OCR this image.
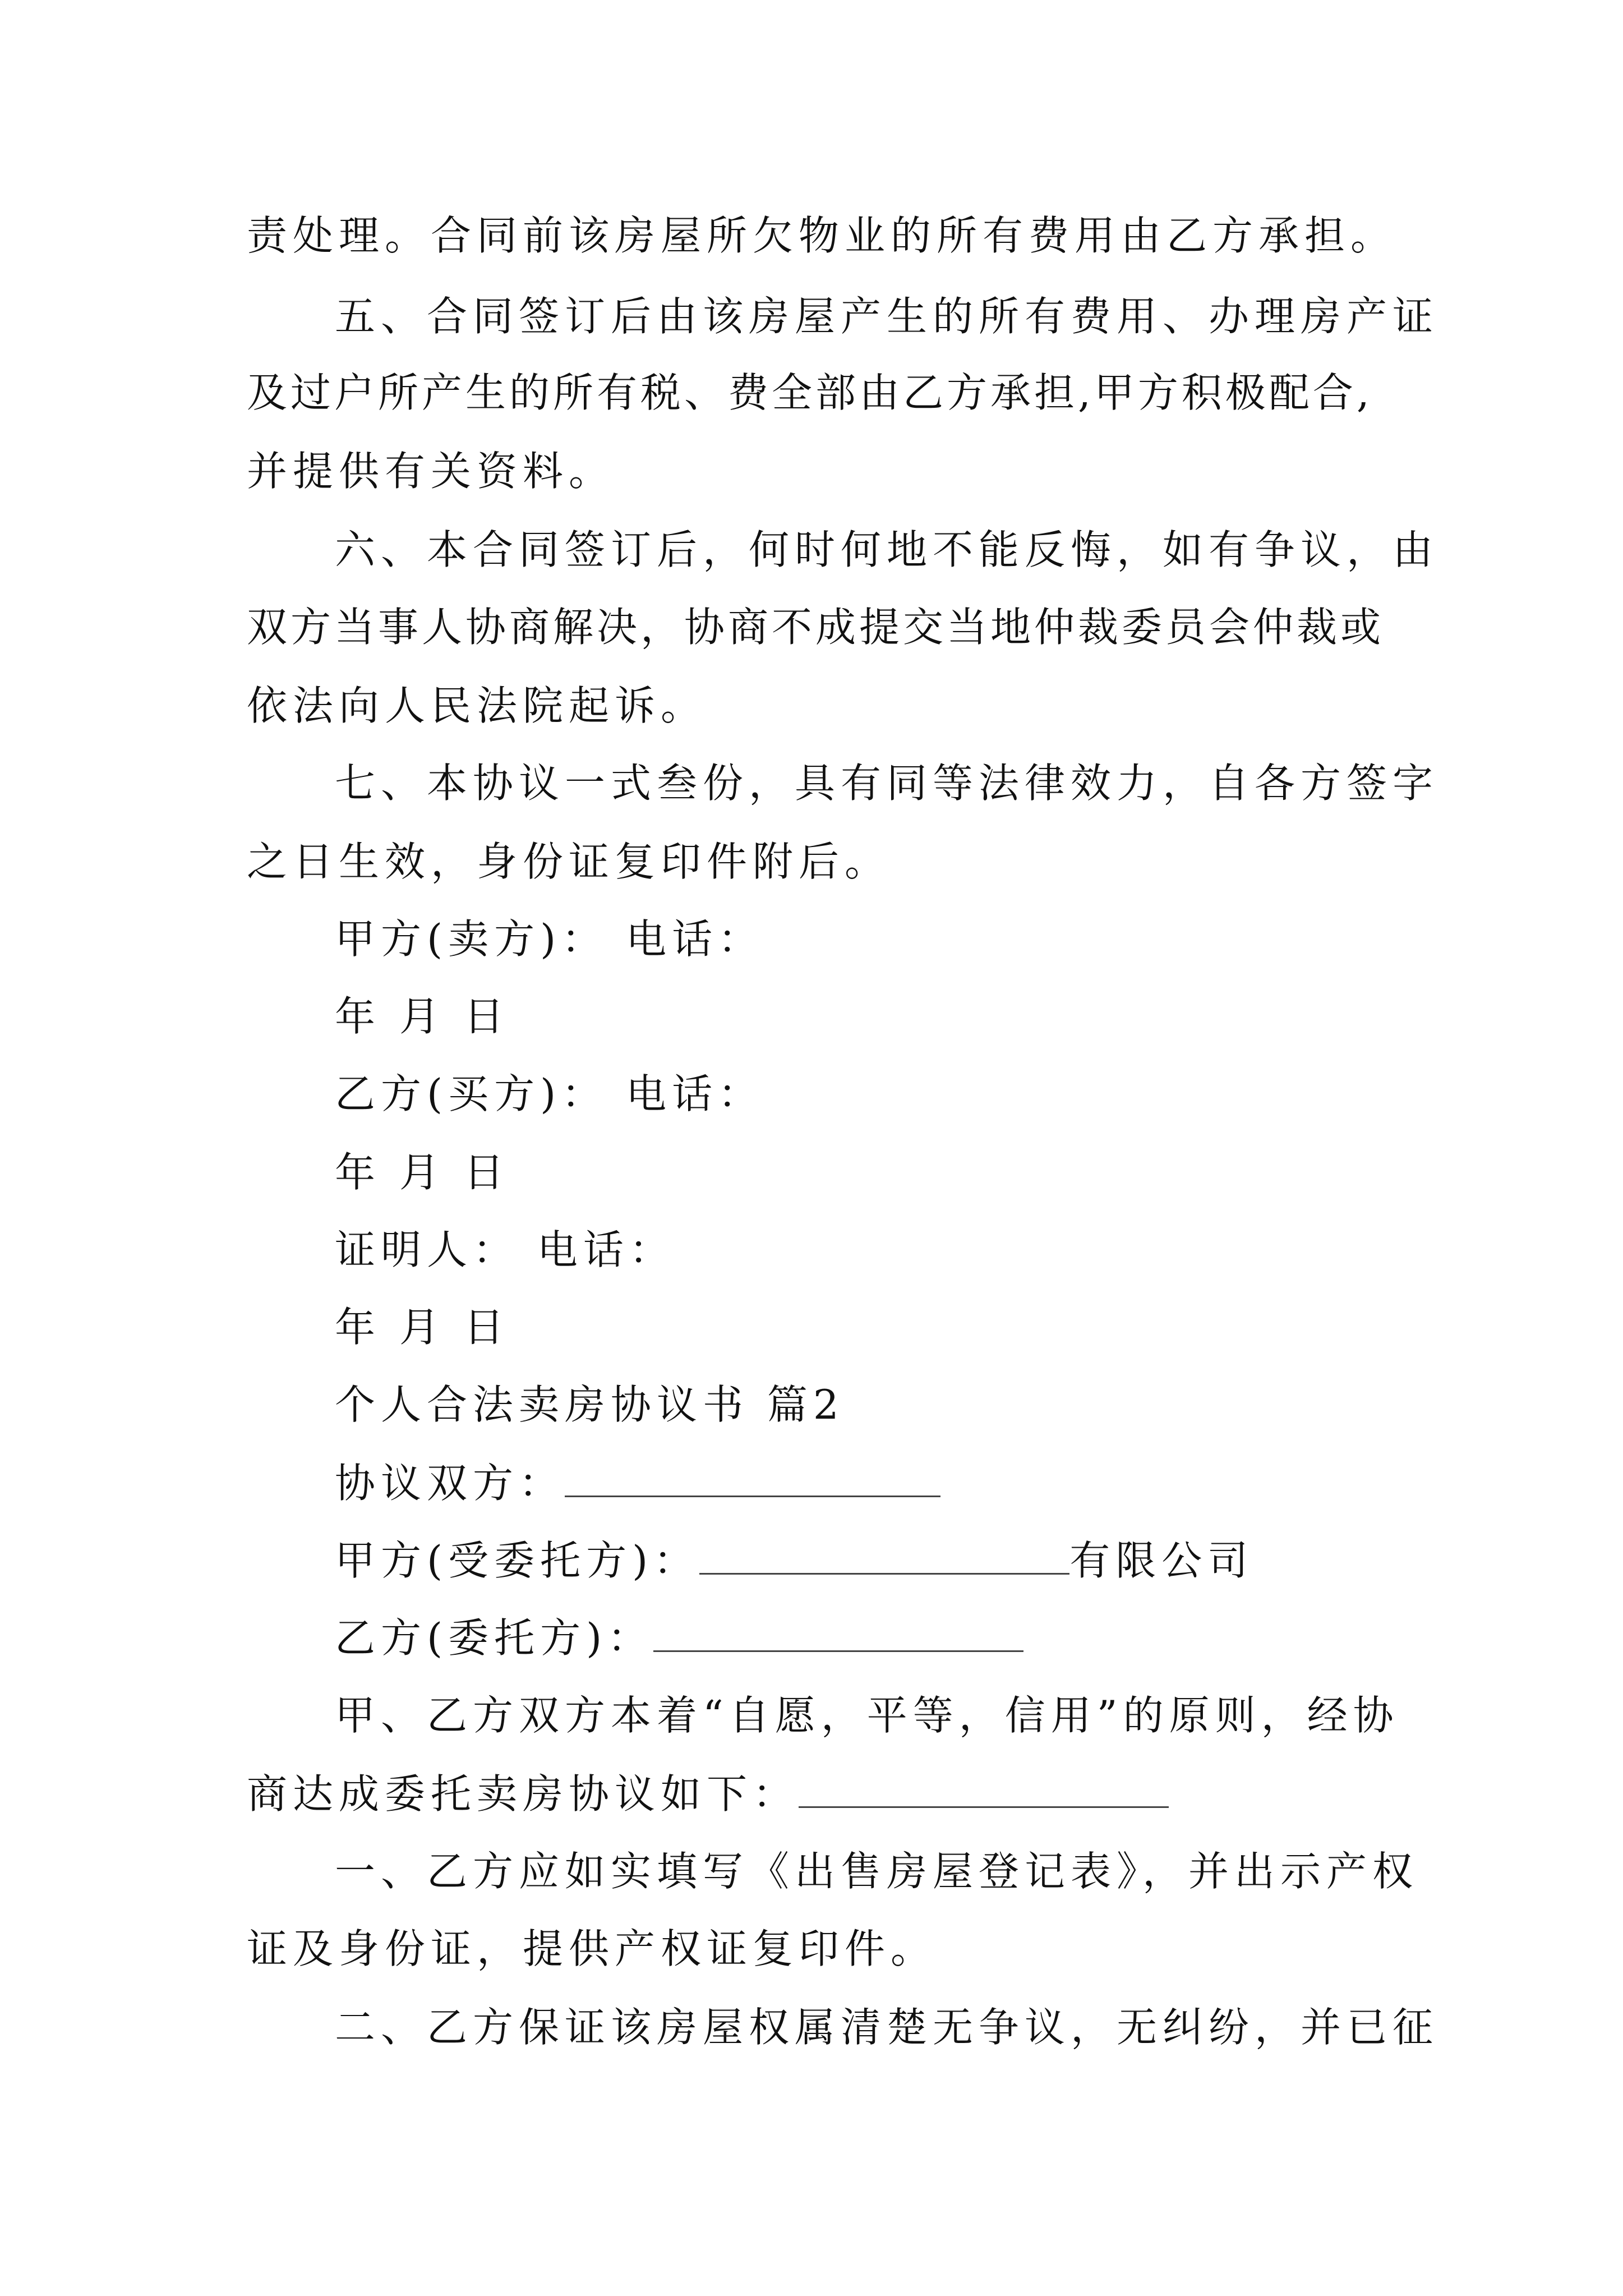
责处理。合同前该房屋所欠物业的所有费用由乙方承担。
五、合同签订后由该房屋产生的所有费用、办理房产证
及过户所产生的所有税、费全部由乙方承担,甲方积极配合,
并提供有关资料。
六、本合同签订后，何时何地不能反悔，如有争议，由
双方当事人协商解决，协商不成提交当地仲裁委员会仲裁或
依法向人民法院起诉。
七、本协议一式叁份，具有同等法律效力，自各方签字
之日生效，身份证复印件附后。
甲方(卖方)： 电话：
年 月 日
乙方(买方)： 电话：
年 月 日
证明人： 电话：
年 月 日
个人合法卖房协议书 篇2
协议双方：
甲方(受委托方)：	有限公司
乙方(委托方)：
甲、乙方双方本着“自愿，平等，信用”的原则，经协
商达成委托卖房协议如下：
一、乙方应如实填写《出售房屋登记表》，并出示产权
证及身份证，提供产权证复印件。
二、乙方保证该房屋权属清楚无争议，无纠纷，并已征
